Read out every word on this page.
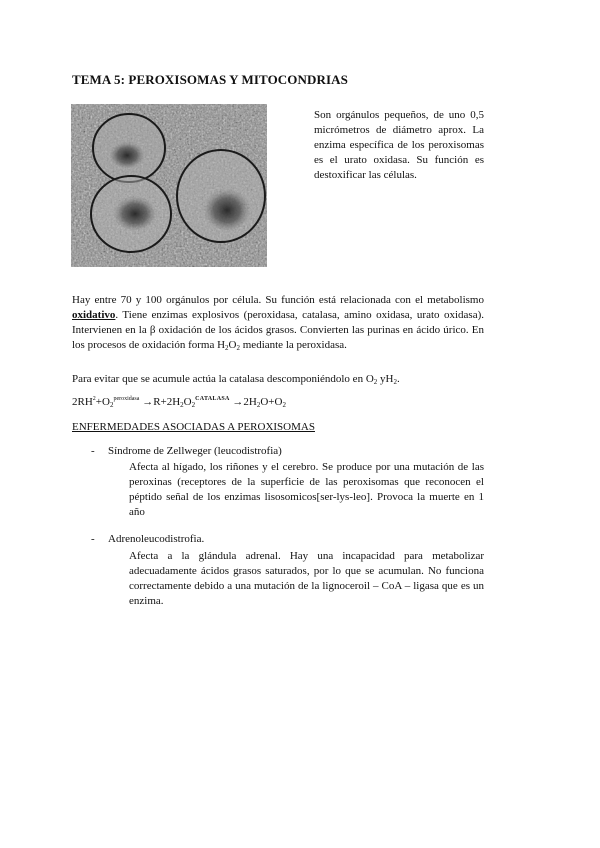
TEMA 5: PEROXISOMAS Y MITOCONDRIAS
Son orgánulos pequeños, de uno 0,5 micrómetros de diámetro aprox. La enzima específica de los peroxisomas es el urato oxidasa. Su función es destoxificar las células.
Hay entre 70 y 100 orgánulos por célula. Su función está relacionada con el metabolismo oxidativo. Tiene enzimas explosivos (peroxidasa, catalasa, amino oxidasa, urato oxidasa). Intervienen en la β oxidación de los ácidos grasos. Convierten las purinas en ácido úrico. En los procesos de oxidación forma $H_2O_2$ mediante la peroxidasa.
Para evitar que se acumule actúa la catalasa descomponiéndolo en $O_2$ $yH_2$.
$2RH^2+O_2^{peroxidasa} \to R+2H_2O_2^{CATALASA} \to 2H_2O+O_2$
ENFERMEDADES ASOCIADAS A PEROXISOMAS
- Síndrome de Zellweger (leucodistrofia)
Afecta al hígado, los riñones y el cerebro. Se produce por una mutación de las peroxinas (receptores de la superficie de las peroxisomas que reconocen el péptido señal de los enzimas lisosomicos[ser-lys-leo]. Provoca la muerte en 1 año
- Adrenoleucodistrofia.
Afecta a la glándula adrenal. Hay una incapacidad para metabolizar adecuadamente ácidos grasos saturados, por lo que se acumulan. No funciona correctamente debido a una mutación de la lignoceroil – CoA – ligasa que es un enzima.
